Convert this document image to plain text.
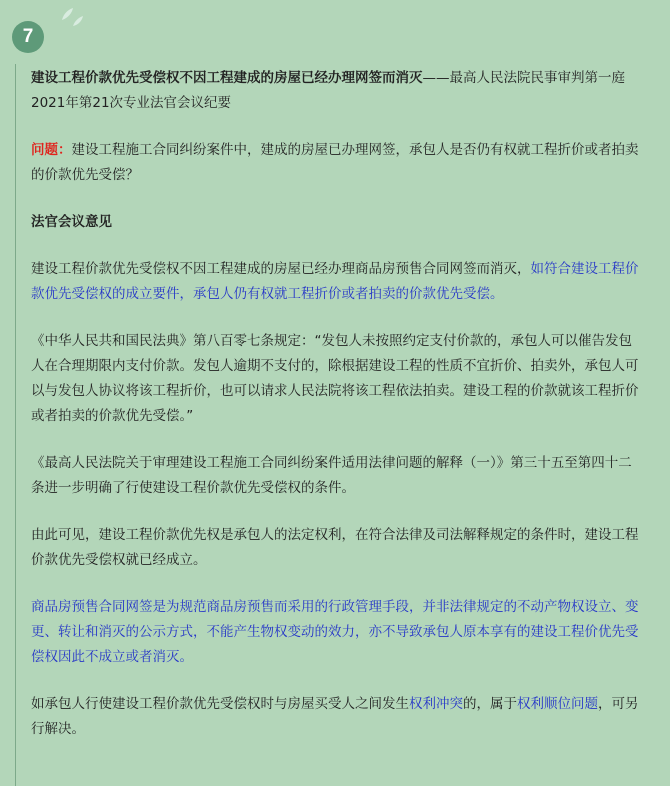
7

建设工程价款优先受偿权不因工程建成的房屋已经办理网签而消灭——最高人民法院民事审判第一庭2021年第21次专业法官会议纪要

问题：建设工程施工合同纠纷案件中，建成的房屋已办理网签，承包人是否仍有权就工程折价或者拍卖的价款优先受偿？

法官会议意见

建设工程价款优先受偿权不因工程建成的房屋已经办理商品房预售合同网签而消灭，如符合建设工程价款优先受偿权的成立要件，承包人仍有权就工程折价或者拍卖的价款优先受偿。

《中华人民共和国民法典》第八百零七条规定：“发包人未按照约定支付价款的，承包人可以催告发包人在合理期限内支付价款。发包人逾期不支付的，除根据建设工程的性质不宜折价、拍卖外，承包人可以与发包人协议将该工程折价，也可以请求人民法院将该工程依法拍卖。建设工程的价款就该工程折价或者拍卖的价款优先受偿。”

《最高人民法院关于审理建设工程施工合同纠纷案件适用法律问题的解释（一）》第三十五至第四十二条进一步明确了行使建设工程价款优先受偿权的条件。

由此可见，建设工程价款优先权是承包人的法定权利，在符合法律及司法解释规定的条件时，建设工程价款优先受偿权就已经成立。

商品房预售合同网签是为规范商品房预售而采用的行政管理手段，并非法律规定的不动产物权设立、变更、转让和消灭的公示方式，不能产生物权变动的效力，亦不导致承包人原本享有的建设工程价优先受偿权因此不成立或者消灭。

如承包人行使建设工程价款优先受偿权时与房屋买受人之间发生权利冲突的，属于权利顺位问题，可另行解决。
